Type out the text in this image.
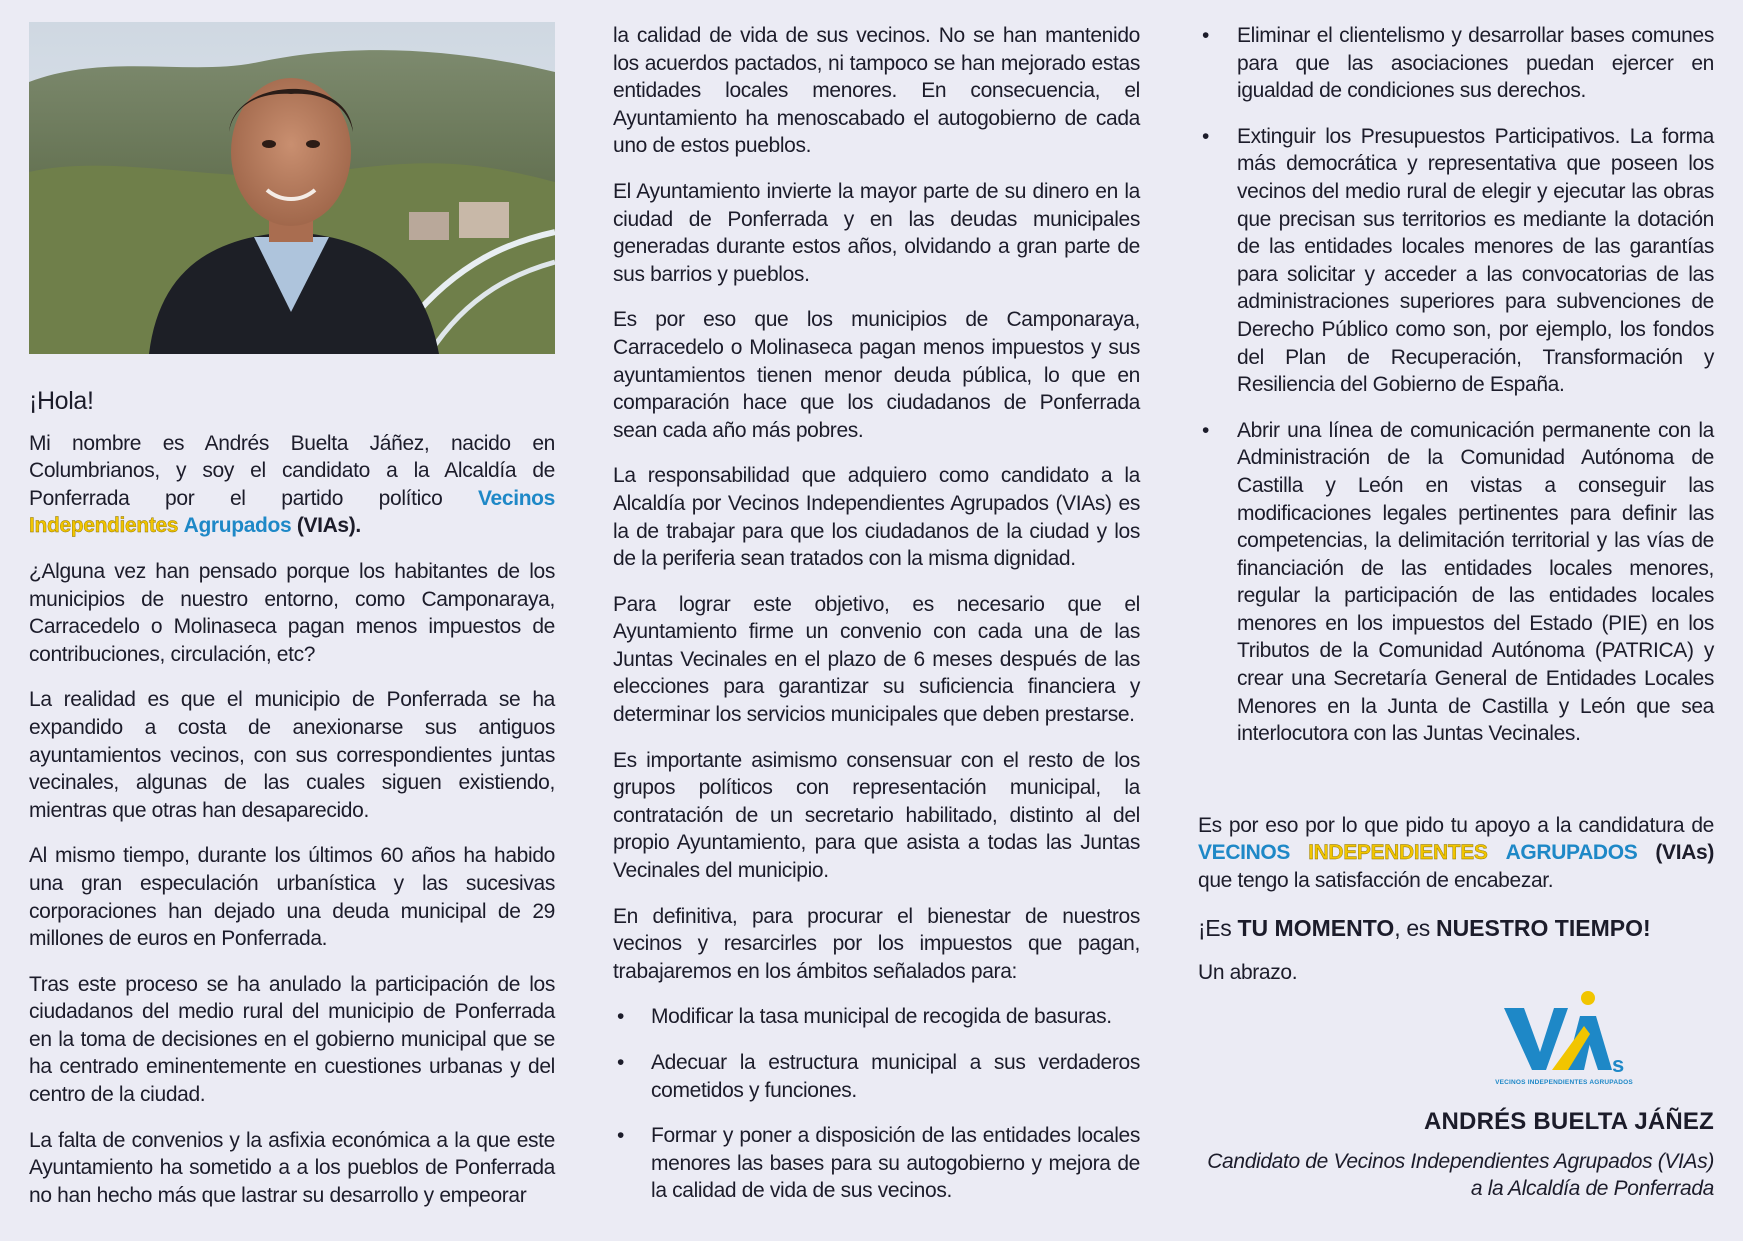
¡Hola!

Mi nombre es Andrés Buelta Jáñez, nacido en Columbrianos, y soy el candidato a la Alcaldía de Ponferrada por el partido político Vecinos Independientes Agrupados (VIAs).

¿Alguna vez han pensado porque los habitantes de los municipios de nuestro entorno, como Camponaraya, Carracedelo o Molinaseca pagan menos impuestos de contribuciones, circulación, etc?

La realidad es que el municipio de Ponferrada se ha expandido a costa de anexionarse sus antiguos ayuntamientos vecinos, con sus correspondientes juntas vecinales, algunas de las cuales siguen existiendo, mientras que otras han desaparecido.

Al mismo tiempo, durante los últimos 60 años ha habido una gran especulación urbanística y las sucesivas corporaciones han dejado una deuda municipal de 29 millones de euros en Ponferrada.

Tras este proceso se ha anulado la participación de los ciudadanos del medio rural del municipio de Ponferrada en la toma de decisiones en el gobierno municipal que se ha centrado eminentemente en cuestiones urbanas y del centro de la ciudad.

La falta de convenios y la asfixia económica a la que este Ayuntamiento ha sometido a a los pueblos de Ponferrada no han hecho más que lastrar su desarrollo y empeorar

la calidad de vida de sus vecinos. No se han mantenido los acuerdos pactados, ni tampoco se han mejorado estas entidades locales menores. En consecuencia, el Ayuntamiento ha menoscabado el autogobierno de cada uno de estos pueblos.

El Ayuntamiento invierte la mayor parte de su dinero en la ciudad de Ponferrada y en las deudas municipales generadas durante estos años, olvidando a gran parte de sus barrios y pueblos.

Es por eso que los municipios de Camponaraya, Carracedelo o Molinaseca pagan menos impuestos y sus ayuntamientos tienen menor deuda pública, lo que en comparación hace que los ciudadanos de Ponferrada sean cada año más pobres.

La responsabilidad que adquiero como candidato a la Alcaldía por Vecinos Independientes Agrupados (VIAs) es la de trabajar para que los ciudadanos de la ciudad y los de la periferia sean tratados con la misma dignidad.

Para lograr este objetivo, es necesario que el Ayuntamiento firme un convenio con cada una de las Juntas Vecinales en el plazo de 6 meses después de las elecciones para garantizar su suficiencia financiera y determinar los servicios municipales que deben prestarse.

Es importante asimismo consensuar con el resto de los grupos políticos con representación municipal, la contratación de un secretario habilitado, distinto al del propio Ayuntamiento, para que asista a todas las Juntas Vecinales del municipio.

En definitiva, para procurar el bienestar de nuestros vecinos y resarcirles por los impuestos que pagan, trabajaremos en los ámbitos señalados para:

• Modificar la tasa municipal de recogida de basuras.

• Adecuar la estructura municipal a sus verdaderos cometidos y funciones.

• Formar y poner a disposición de las entidades locales menores las bases para su autogobierno y mejora de la calidad de vida de sus vecinos.

• Eliminar el clientelismo y desarrollar bases comunes para que las asociaciones puedan ejercer en igualdad de condiciones sus derechos.

• Extinguir los Presupuestos Participativos. La forma más democrática y representativa que poseen los vecinos del medio rural de elegir y ejecutar las obras que precisan sus territorios es mediante la dotación de las entidades locales menores de las garantías para solicitar y acceder a las convocatorias de las administraciones superiores para subvenciones de Derecho Público como son, por ejemplo, los fondos del Plan de Recuperación, Transformación y Resiliencia del Gobierno de España.

• Abrir una línea de comunicación permanente con la Administración de la Comunidad Autónoma de Castilla y León en vistas a conseguir las modificaciones legales pertinentes para definir las competencias, la delimitación territorial y las vías de financiación de las entidades locales menores, regular la participación de las entidades locales menores en los impuestos del Estado (PIE) en los Tributos de la Comunidad Autónoma (PATRICA) y crear una Secretaría General de Entidades Locales Menores en la Junta de Castilla y León que sea interlocutora con las Juntas Vecinales.

Es por eso por lo que pido tu apoyo a la candidatura de VECINOS INDEPENDIENTES AGRUPADOS (VIAs) que tengo la satisfacción de encabezar.

¡Es TU MOMENTO, es NUESTRO TIEMPO!

Un abrazo.

s
VECINOS INDEPENDIENTES AGRUPADOS

ANDRÉS BUELTA JÁÑEZ

Candidato de Vecinos Independientes Agrupados (VIAs)

a la Alcaldía de Ponferrada
